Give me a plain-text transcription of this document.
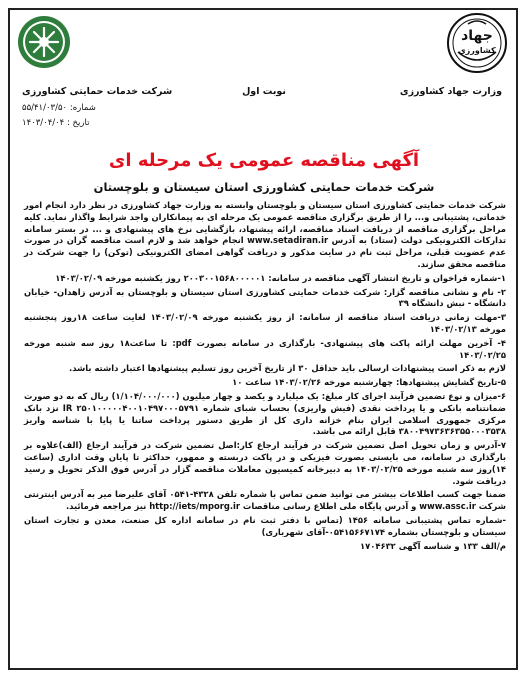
جهاد
کشاورزی
وزارت جهاد کشاورزی
نوبت اول
شرکت خدمات حمایتی کشاورزی
شماره: ۵۵/۴۱/۰۳/۵۰
تاریخ : ۱۴۰۳/۰۴/۰۴
آگهی مناقصه عمومی یک مرحله ای
شرکت خدمات حمایتی کشاورزی استان سیستان و بلوچستان

شرکت خدمات حمایتی کشاورزی استان سیستان و بلوچستان وابسته به وزارت جهاد کشاورزی در نظر دارد انجام امور خدماتی، پشتیبانی و... را از طریق برگزاری مناقصه عمومی یک مرحله ای به پیمانکاران واجد شرایط واگذار نماید. کلیه مراحل برگزاری مناقصه از دریافت اسناد مناقصه، ارائه پیشنهاد، بازگشایی نرخ های پیشنهادی و ... در بستر سامانه تدارکات الکترونیکی دولت (ستاد) به آدرس www.setadiran.ir انجام خواهد شد و لازم است مناقصه گران در صورت عدم عضویت قبلی، مراحل ثبت نام در سایت مذکور و دریافت گواهی امضای الکترونیکی (توکن) را جهت شرکت در مناقصه محقق سازند.

۱-شماره فراخوان و تاریخ انتشار آگهی مناقصه در سامانه: ۲۰۰۳۰۰۱۵۶۸۰۰۰۰۰۱ روز یکشنبه مورخه ۱۴۰۳/۰۲/۰۹

۲- نام و نشانی مناقصه گزار: شرکت خدمات حمایتی کشاورزی استان سیستان و بلوچستان به آدرس زاهدان- خیابان دانشگاه - نبش دانشگاه ۳۹

۳-مهلت زمانی دریافت اسناد مناقصه از سامانه: از روز یکشنبه مورخه ۱۴۰۳/۰۲/۰۹ لغایت ساعت ۱۸روز پنجشنبه مورخه ۱۴۰۳/۰۲/۱۳

۴- آخرین مهلت ارائه پاکت های پیشنهادی- بارگذاری در سامانه بصورت pdf: تا ساعت۱۸ روز سه شنبه مورخه ۱۴۰۳/۰۲/۲۵

لازم به ذکر است پیشنهادات ارسالی باید حداقل ۳۰ از تاریخ آخرین روز تسلیم پیشنهادها اعتبار داشته باشد.

۵-تاریخ گشایش پیشنهادها: چهارشنبه مورخه ۱۴۰۳/۰۲/۲۶ ساعت ۱۰

۶-میزان و نوع تضمین فرآیند اجرای کار مبلغ: یک میلیارد و یکصد و چهار میلیون (۱/۱۰۴/۰۰۰/۰۰۰) ریال که به دو صورت ضمانتنامه بانکی و یا پرداخت نقدی (فیش واریزی) بحساب شبای شماره IR ۲۵۰۱۰۰۰۰۰۴۰۰۱۰۴۹۷۰۰۰۵۷۹۱ نزد بانک مرکزی جمهوری اسلامی ایران بنام خزانه داری کل از طریق دستور پرداخت ساتنا یا پایا با شناسه واریز ۳۸۰۰۴۹۷۳۶۳۶۳۵۵۰۰۰۳۵۳۸ قابل ارائه می باشد.

۷-آدرس و زمان تحویل اصل تضمین شرکت در فرآیند ارجاع کار:اصل تضمین شرکت در فرآیند ارجاع (الف)علاوه بر بارگذاری در سامانه، می بایستی بصورت فیزیکی و در پاکت دربسته و ممهور، حداکثر تا پایان وقت اداری (ساعت ۱۴)روز سه شنبه مورخه ۱۴۰۳/۰۲/۲۵ به دبیرخانه کمیسیون معاملات مناقصه گزار در آدرس فوق الذکر تحویل و رسید دریافت شود.

ضمنا جهت کسب اطلاعات بیشتر می توانید ضمن تماس با شماره تلفن ۴۳۲۸-۰۵۴۱ آقای علیرضا میر به آدرس اینترنتی شرکت www.assc.ir و آدرس پایگاه ملی اطلاع رسانی مناقصات http://iets/mporg.ir نیز مراجعه فرمائید.

-شماره تماس پشتیبانی سامانه ۱۴۵۶ (تماس با دفتر ثبت نام در سامانه اداره کل صنعت، معدن و تجارت استان سیستان و بلوچستان بشماره ۰۵۴۱۵۶۶۷۱۷۴-آقای شهرباری)

م/الف ۱۳۳ و شناسه آگهی ۱۷۰۴۶۳۲
